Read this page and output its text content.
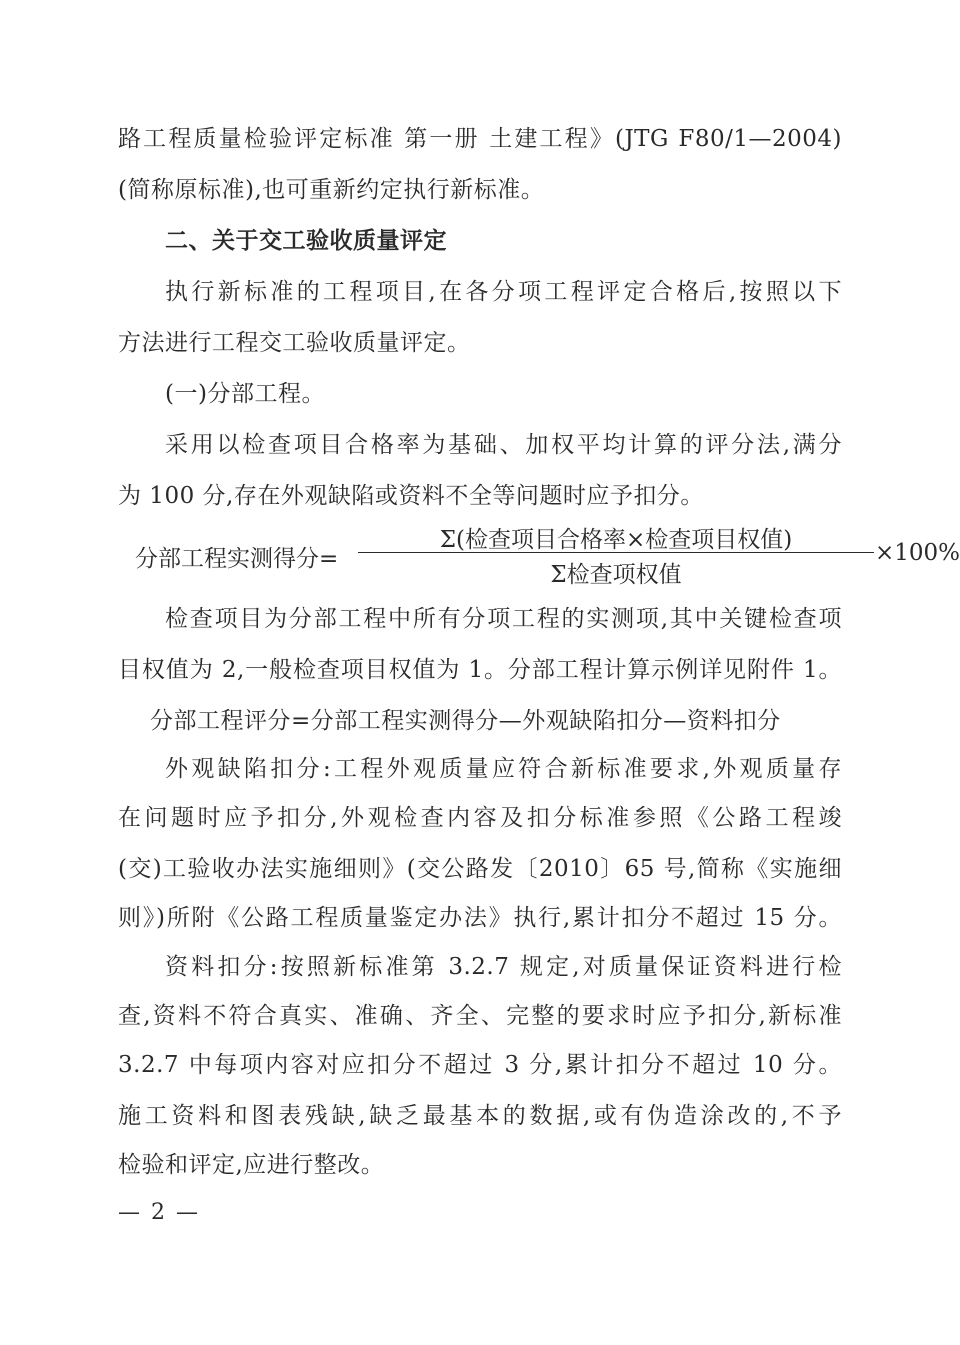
路工程质量检验评定标准 第一册 土建工程》(JTG F80/1—2004)
(简称原标准),也可重新约定执行新标准。
二、关于交工验收质量评定
执行新标准的工程项目,在各分项工程评定合格后,按照以下
方法进行工程交工验收质量评定。
(一)分部工程。
采用以检查项目合格率为基础、加权平均计算的评分法,满分
为 100 分,存在外观缺陷或资料不全等问题时应予扣分。
分部工程实测得分=
Σ(检查项目合格率×检查项目权值)
Σ检查项权值
×100%
检查项目为分部工程中所有分项工程的实测项,其中关键检查项
目权值为 2,一般检查项目权值为 1。分部工程计算示例详见附件 1。
分部工程评分=分部工程实测得分—外观缺陷扣分—资料扣分
外观缺陷扣分:工程外观质量应符合新标准要求,外观质量存
在问题时应予扣分,外观检查内容及扣分标准参照《公路工程竣
(交)工验收办法实施细则》(交公路发〔2010〕65 号,简称《实施细
则》)所附《公路工程质量鉴定办法》执行,累计扣分不超过 15 分。
资料扣分:按照新标准第 3.2.7 规定,对质量保证资料进行检
查,资料不符合真实、准确、齐全、完整的要求时应予扣分,新标准
3.2.7 中每项内容对应扣分不超过 3 分,累计扣分不超过 10 分。
施工资料和图表残缺,缺乏最基本的数据,或有伪造涂改的,不予
检验和评定,应进行整改。
— 2 —
